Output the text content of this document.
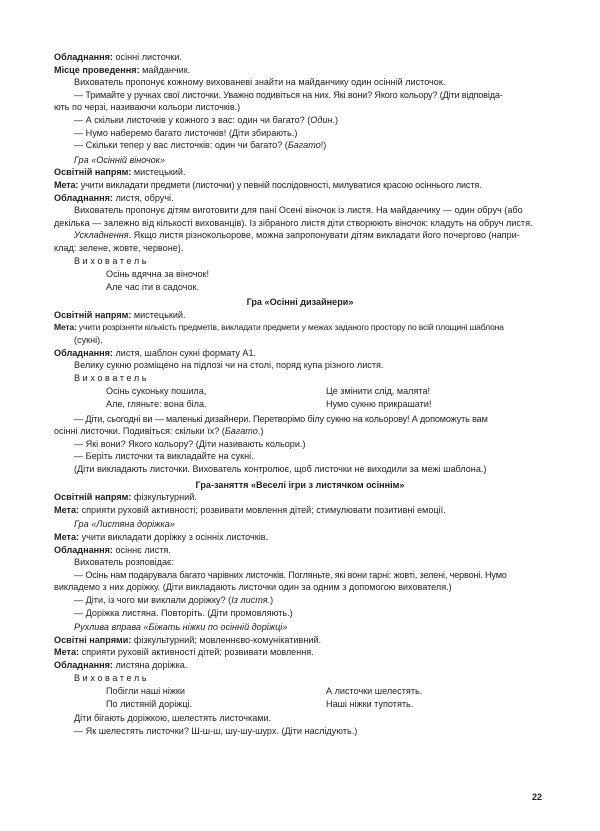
Обладнання: осінні листочки.

Місце проведення: майданчик.

Вихователь пропонує кожному вихованеві знайти на майданчику один осінній листочок.

— Тримайте у ручках свої листочки. Уважно подивіться на них. Які вони? Якого кольору? (Діти відповіда-

ють по черзі, називаючи кольори листочків.)

— А скільки листочків у кожного з вас: один чи багато? (Один.)

— Нумо наберемо багато листочків! (Діти збирають.)

— Скільки тепер у вас листочків: один чи багато? (Багато!)

Гра «Осінній віночок»

Освітній напрям: мистецький.

Мета: учити викладати предмети (листочки) у певній послідовності, милуватися красою осіннього листя.

Обладнання: листя, обручі.

Вихователь пропонує дітям виготовити для пані Осені віночок із листя. На майданчику — один обруч (або декілька — залежно від кількості вихованців). Із зібраного листя діти створюють віночок: кладуть на обруч листя.

Ускладнення. Якщо листя різнокольорове, можна запропонувати дітям викладати його почергово (напри-

клад: зелене, жовте, червоне).

Вихователь

Осінь вдячна за віночок!

Але час іти в садочок.

Гра «Осінні дизайнери»

Освітній напрям: мистецький.

Мета: учити розрізняти кількість предметів, викладати предмети у межах заданого простору по всій площині шаблона

(сукні).

Обладнання: листя, шаблон сукні формату А1.

Велику сукню розміщено на підлозі чи на столі, поряд купа різного листя.

Вихователь

Осінь суконьку пошила,

Але, гляньте: вона біла.

Це змінити слід, малята!

Нумо сукню прикрашати!

— Діти, сьогодні ви — маленькі дизайнери. Перетворімо білу сукню на кольорову! А допоможуть вам

осінні листочки. Подивіться: скільки їх? (Багато.)

— Які вони? Якого кольору? (Діти називають кольори.)

— Беріть листочки та викладайте на сукні.

(Діти викладають листочки. Вихователь контролює, щоб листочки не виходили за межі шаблона.)

Гра-заняття «Веселі ігри з листячком осіннім»

Освітній напрям: фізкультурний.

Мета: сприяти руховій активності; розвивати мовлення дітей; стимулювати позитивні емоції.

Гра «Листяна доріжка»

Мета: учити викладати доріжку з осінніх листочків.

Обладнання: осіннє листя.

Вихователь розповідає:

— Осінь нам подарувала багато чарівних листочків. Погляньте, які вони гарні: жовті, зелені, червоні. Нумо

викладемо з них доріжку. (Діти викладають листочки один за одним з допомогою вихователя.)

— Діти, із чого ми виклали доріжку? (Із листя.)

— Доріжка листяна. Повторіть. (Діти промовляють.)

Рухлива вправа «Біжать ніжки по осінній доріжці»

Освітні напрями: фізкультурний; мовленнєво-комунікативний.

Мета: сприяти руховій активності дітей; розвивати мовлення.

Обладнання: листяна доріжка.

Вихователь

Побігли наші ніжки

По листяній доріжці.

А листочки шелестять.

Наші ніжки тупотять.

Діти бігають доріжкою, шелестять листочками.

— Як шелестять листочки? Ш-ш-ш, шу-шу-шурх. (Діти наслідують.)

22
